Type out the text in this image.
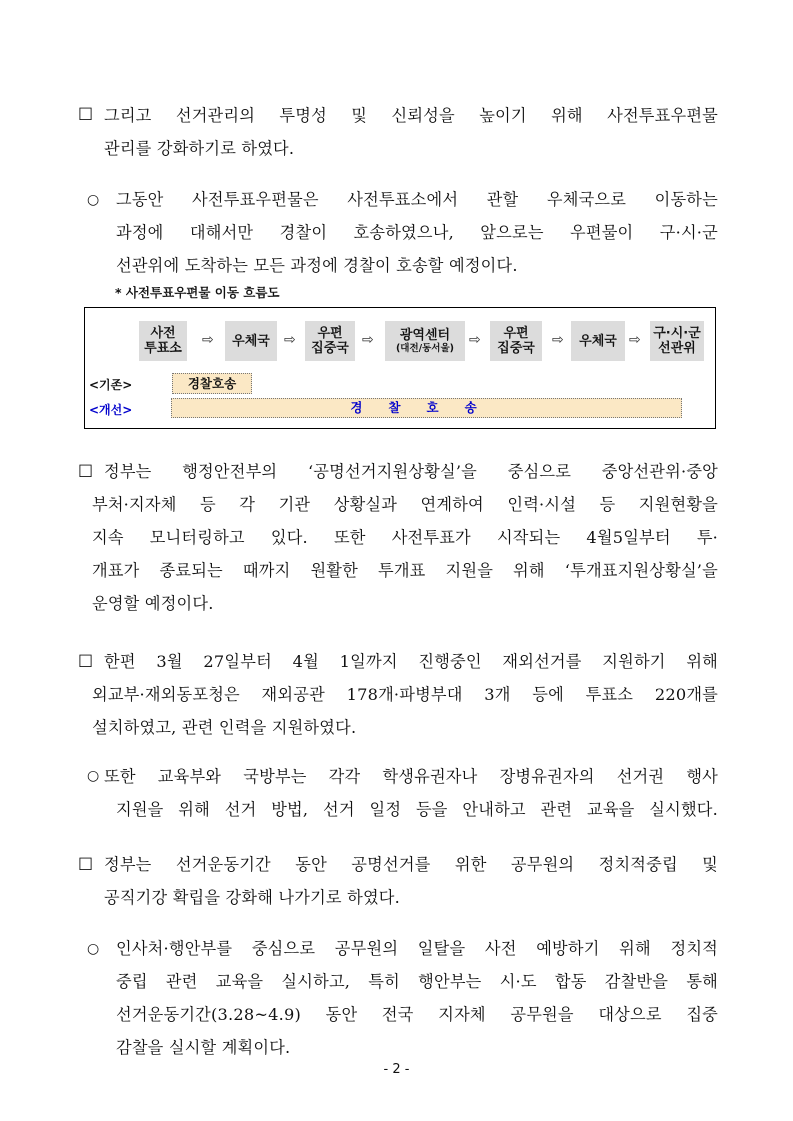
□ 그리고 선거관리의 투명성 및 신뢰성을 높이기 위해 사전투표우편물
관리를 강화하기로 하였다.
○ 그동안 사전투표우편물은 사전투표소에서 관할 우체국으로 이동하는
과정에 대해서만 경찰이 호송하였으나, 앞으로는 우편물이 구·시·군
선관위에 도착하는 모든 과정에 경찰이 호송할 예정이다.
* 사전투표우편물 이동 흐름도
사전
투표소
⇨ 우체국 ⇨ 우편
집중국
⇨ 광역센터
(대전/동서울) ⇨ 우편
집중국
⇨ 우체국 ⇨ 구·시·군
선관위
<기존>	경찰호송
<개선>	경찰호송
□ 정부는 행정안전부의 ‘공명선거지원상황실’을 중심으로 중앙선관위·중앙
부처·지자체 등 각 기관 상황실과 연계하여 인력·시설 등 지원현황을
지속 모니터링하고 있다. 또한 사전투표가 시작되는 4월5일부터 투·
개표가 종료되는 때까지 원활한 투개표 지원을 위해 ‘투개표지원상황실’을
운영할 예정이다.
□ 한편 3월 27일부터 4월 1일까지 진행중인 재외선거를 지원하기 위해
외교부·재외동포청은 재외공관 178개·파병부대 3개 등에 투표소 220개를
설치하였고, 관련 인력을 지원하였다.
○ 또한 교육부와 국방부는 각각 학생유권자나 장병유권자의 선거권 행사
지원을 위해 선거 방법, 선거 일정 등을 안내하고 관련 교육을 실시했다.
□ 정부는 선거운동기간 동안 공명선거를 위한 공무원의 정치적중립 및
공직기강 확립을 강화해 나가기로 하였다.
○ 인사처·행안부를 중심으로 공무원의 일탈을 사전 예방하기 위해 정치적
중립 관련 교육을 실시하고, 특히 행안부는 시·도 합동 감찰반을 통해
선거운동기간(3.28~4.9) 동안 전국 지자체 공무원을 대상으로 집중
감찰을 실시할 계획이다.
- 2 -
